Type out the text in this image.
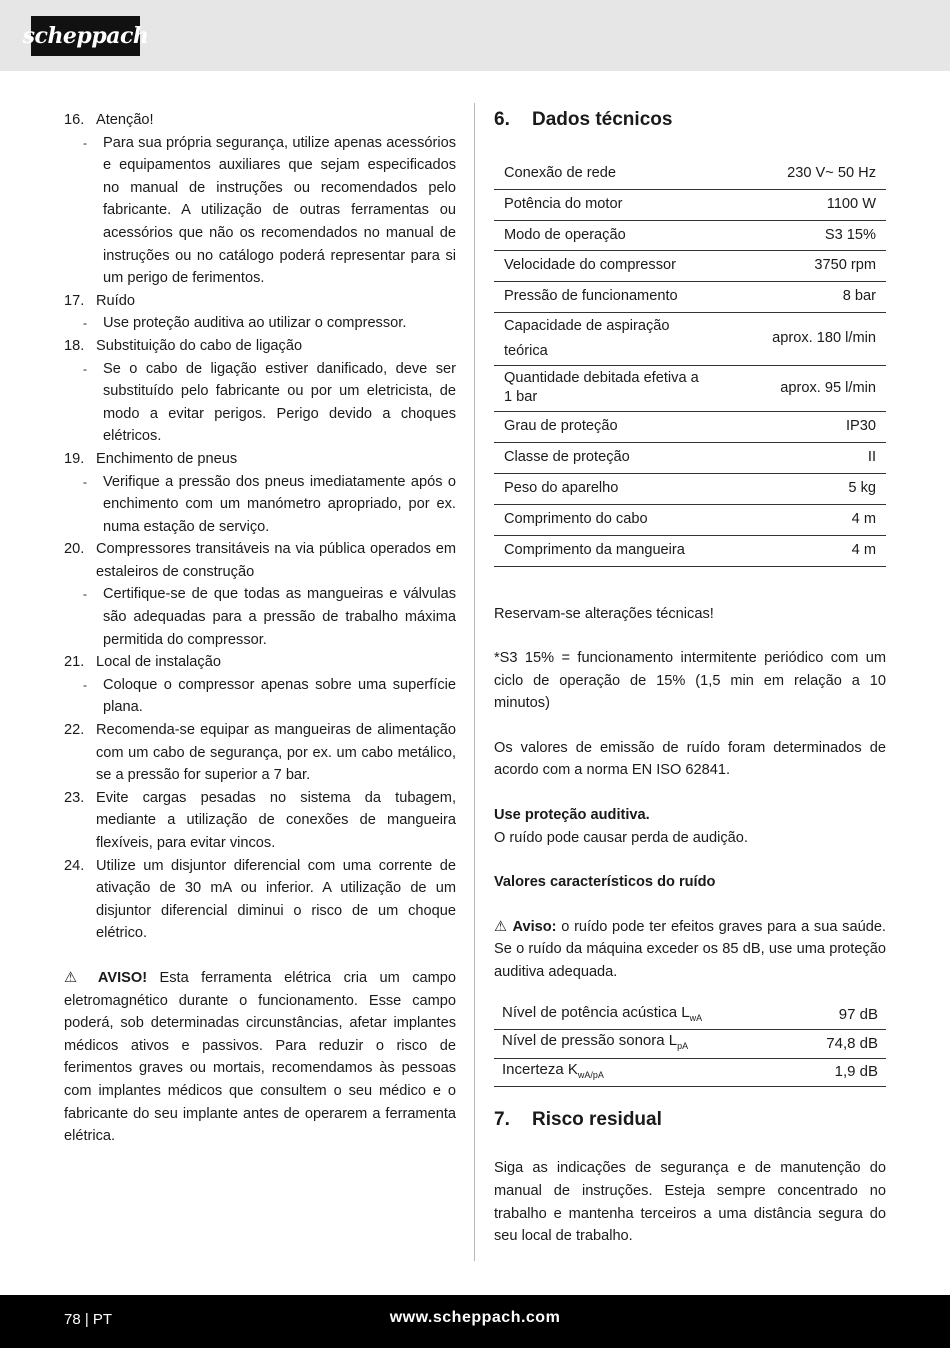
scheppach
16. Atenção!
-	Para sua própria segurança, utilize apenas acessórios e equipamentos auxiliares que sejam especificados no manual de instruções ou recomendados pelo fabricante. A utilização de outras ferramentas ou acessórios que não os recomendados no manual de instruções ou no catálogo poderá representar para si um perigo de ferimentos.
17. Ruído
-	Use proteção auditiva ao utilizar o compressor.
18. Substituição do cabo de ligação
-	Se o cabo de ligação estiver danificado, deve ser substituído pelo fabricante ou por um eletricista, de modo a evitar perigos. Perigo devido a choques elétricos.
19. Enchimento de pneus
-	Verifique a pressão dos pneus imediatamente após o enchimento com um manómetro apropriado, por ex. numa estação de serviço.
20. Compressores transitáveis na via pública operados em estaleiros de construção
-	Certifique-se de que todas as mangueiras e válvulas são adequadas para a pressão de trabalho máxima permitida do compressor.
21. Local de instalação
-	Coloque o compressor apenas sobre uma superfície plana.
22. Recomenda-se equipar as mangueiras de alimentação com um cabo de segurança, por ex. um cabo metálico, se a pressão for superior a 7 bar.
23. Evite cargas pesadas no sistema da tubagem, mediante a utilização de conexões de mangueira flexíveis, para evitar vincos.
24. Utilize um disjuntor diferencial com uma corrente de ativação de 30 mA ou inferior. A utilização de um disjuntor diferencial diminui o risco de um choque elétrico.

⚠ AVISO! Esta ferramenta elétrica cria um campo eletromagnético durante o funcionamento. Esse campo poderá, sob determinadas circunstâncias, afetar implantes médicos ativos e passivos. Para reduzir o risco de ferimentos graves ou mortais, recomendamos às pessoas com implantes médicos que consultem o seu médico e o fabricante do seu implante antes de operarem a ferramenta elétrica.

6.	Dados técnicos
Conexão de rede	230 V~ 50 Hz
Potência do motor	1100 W
Modo de operação	S3 15%
Velocidade do compressor	3750 rpm
Pressão de funcionamento	8 bar
Capacidade de aspiração teórica	aprox. 180 l/min
Quantidade debitada efetiva a 1 bar	aprox. 95 l/min
Grau de proteção	IP30
Classe de proteção	II
Peso do aparelho	5 kg
Comprimento do cabo	4 m
Comprimento da mangueira	4 m

Reservam-se alterações técnicas!

*S3 15% = funcionamento intermitente periódico com um ciclo de operação de 15% (1,5 min em relação a 10 minutos)

Os valores de emissão de ruído foram determinados de acordo com a norma EN ISO 62841.

Use proteção auditiva.
O ruído pode causar perda de audição.

Valores característicos do ruído

⚠ Aviso: o ruído pode ter efeitos graves para a sua saúde. Se o ruído da máquina exceder os 85 dB, use uma proteção auditiva adequada.

Nível de potência acústica $L_{wA}$	97 dB
Nível de pressão sonora $L_{pA}$	74,8 dB
Incerteza $K_{wA/pA}$	1,9 dB
7.	Risco residual

Siga as indicações de segurança e de manutenção do manual de instruções. Esteja sempre concentrado no trabalho e mantenha terceiros a uma distância segura do seu local de trabalho.

78 | PT	www.scheppach.com
